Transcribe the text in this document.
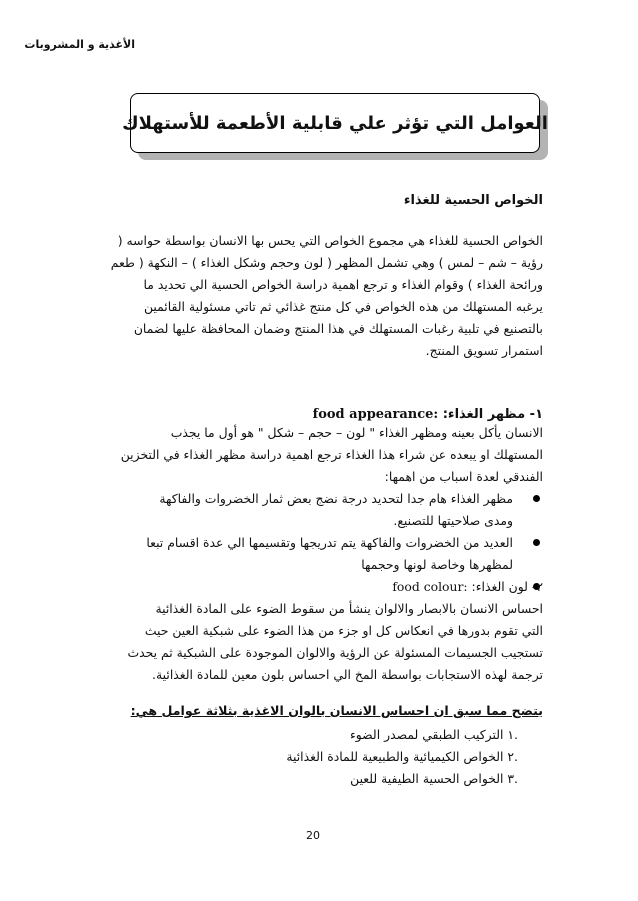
الأغذية و المشروبات
العوامل التي تؤثر علي قابلية الأطعمة للأستهلاك
الخواص الحسية للغذاء
الخواص الحسية للغذاء هي مجموع الخواص التي يحس بها الانسان بواسطة حواسه (
رؤية – شم – لمس ) وهي تشمل المظهر ( لون وحجم وشكل الغذاء ) – النكهة ( طعم
ورائحة الغذاء ) وقوام الغذاء و ترجع اهمية دراسة الخواص الحسية الي تحديد ما
يرغبه المستهلك من هذه الخواص في كل منتج غذائي ثم تاتي مسئولية القائمين
بالتصنيع في تلبية رغبات المستهلك في هذا المنتج وضمان المحافظة عليها لضمان
استمرار تسويق المنتج.
١- مظهر الغذاء: food appearance:
الانسان يأكل بعينه ومظهر الغذاء " لون – حجم – شكل " هو أول ما يجذب
المستهلك او يبعده عن شراء هذا الغذاء ترجع اهمية دراسة مظهر الغذاء في التخزين
الفندقي لعدة اسباب من اهمها:
مظهر الغذاء هام جدا لتحديد درجة نضج بعض ثمار الخضروات والفاكهة
ومدى صلاحيتها للتصنيع.
العديد من الخضروات والفاكهة يتم تدريجها وتقسيمها الي عدة اقسام تبعا
لمظهرها وخاصة لونها وحجمها
٢- لون الغذاء: food colour:
احساس الانسان بالابصار والالوان ينشأ من سقوط الضوء على المادة الغذائية
التي تقوم بدورها في انعكاس كل او جزء من هذا الضوء على شبكية العين حيث
تستجيب الجسيمات المسئولة عن الرؤية والالوان الموجودة على الشبكية ثم يحدث
ترجمة لهذه الاستجابات بواسطة المخ الي احساس بلون معين للمادة الغذائية.
يتضح مما سبق ان احساس الانسان بالوان الاغذية بثلاثة عوامل هي:
.١ التركيب الطبقي لمصدر الضوء
.٢ الخواص الكيميائية والطبيعية للمادة الغذائية
.٣ الخواص الحسية الطيفية للعين
20
